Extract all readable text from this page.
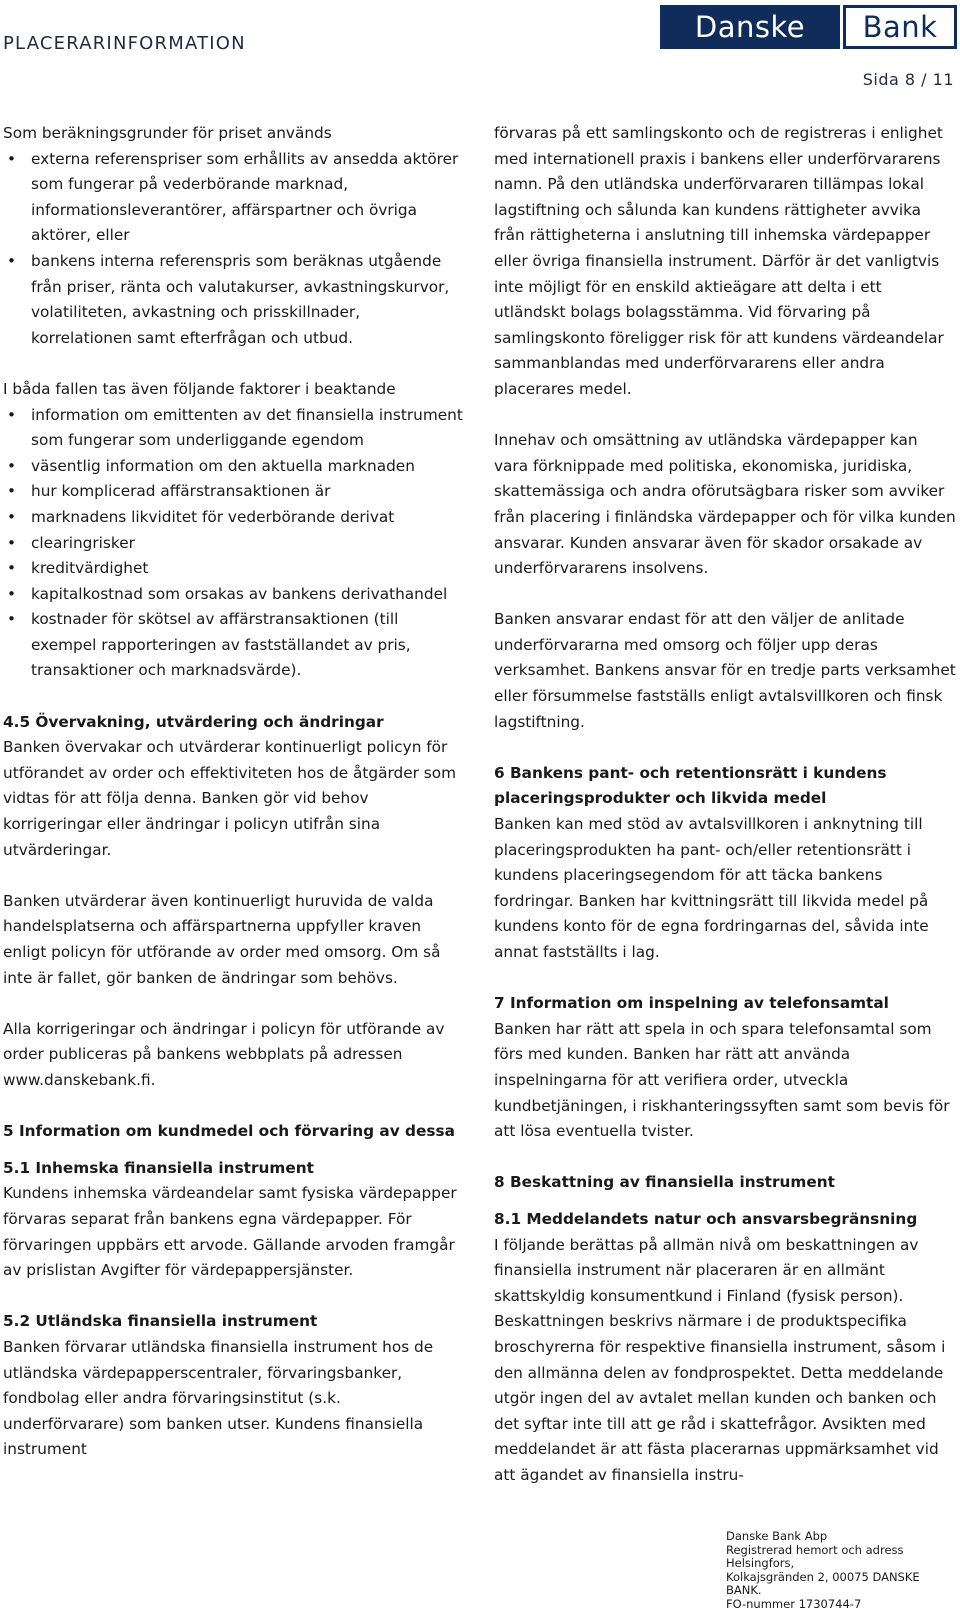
PLACERARINFORMATION	Danske	Bank
Sida 8 / 11

Som beräkningsgrunder för priset används

• externa referenspriser som erhållits av ansedda aktörer som fungerar på vederbörande marknad, informationsleverantörer, affärspartner och övriga aktörer, eller
• bankens interna referenspris som beräknas utgående från priser, ränta och valutakurser, avkastningskurvor, volatiliteten, avkastning och prisskillnader, korrelationen samt efterfrågan och utbud.

I båda fallen tas även följande faktorer i beaktande

• information om emittenten av det finansiella instrument som fungerar som underliggande egendom
• väsentlig information om den aktuella marknaden
• hur komplicerad affärstransaktionen är
• marknadens likviditet för vederbörande derivat
• clearingrisker
• kreditvärdighet
• kapitalkostnad som orsakas av bankens derivathandel
• kostnader för skötsel av affärstransaktionen (till exempel rapporteringen av fastställandet av pris, transaktioner och marknadsvärde).
4.5 Övervakning, utvärdering och ändringar

Banken övervakar och utvärderar kontinuerligt policyn för utförandet av order och effektiviteten hos de åtgärder som vidtas för att följa denna. Banken gör vid behov korrigeringar eller ändringar i policyn utifrån sina utvärderingar.

Banken utvärderar även kontinuerligt huruvida de valda handelsplatserna och affärspartnerna uppfyller kraven enligt policyn för utförande av order med omsorg. Om så inte är fallet, gör banken de ändringar som behövs.

Alla korrigeringar och ändringar i policyn för utförande av order publiceras på bankens webbplats på adressen www.danskebank.fi.

5 Information om kundmedel och förvaring av dessa
5.1 Inhemska finansiella instrument

Kundens inhemska värdeandelar samt fysiska värdepapper förvaras separat från bankens egna värdepapper. För förvaringen uppbärs ett arvode. Gällande arvoden framgår av prislistan Avgifter för värdepappersjänster.

5.2 Utländska finansiella instrument

Banken förvarar utländska finansiella instrument hos de utländska värdepapperscentraler, förvaringsbanker, fondbolag eller andra förvaringsinstitut (s.k. underförvarare) som banken utser. Kundens finansiella instrument

förvaras på ett samlingskonto och de registreras i enlighet med internationell praxis i bankens eller underförvararens namn. På den utländska underförvararen tillämpas lokal lagstiftning och sålunda kan kundens rättigheter avvika från rättigheterna i anslutning till inhemska värdepapper eller övriga finansiella instrument. Därför är det vanligtvis inte möjligt för en enskild aktieägare att delta i ett utländskt bolags bolagsstämma. Vid förvaring på samlingskonto föreligger risk för att kundens värdeandelar sammanblandas med underförvararens eller andra placerares medel.

Innehav och omsättning av utländska värdepapper kan vara förknippade med politiska, ekonomiska, juridiska, skattemässiga och andra oförutsägbara risker som avviker från placering i finländska värdepapper och för vilka kunden ansvarar. Kunden ansvarar även för skador orsakade av underförvararens insolvens.

Banken ansvarar endast för att den väljer de anlitade underförvararna med omsorg och följer upp deras verksamhet. Bankens ansvar för en tredje parts verksamhet eller försummelse fastställs enligt avtalsvillkoren och finsk lagstiftning.

6 Bankens pant- och retentionsrätt i kundens placeringsprodukter och likvida medel

Banken kan med stöd av avtalsvillkoren i anknytning till placeringsprodukten ha pant- och/eller retentionsrätt i kundens placeringsegendom för att täcka bankens fordringar. Banken har kvittningsrätt till likvida medel på kundens konto för de egna fordringarnas del, såvida inte annat fastställts i lag.

7 Information om inspelning av telefonsamtal

Banken har rätt att spela in och spara telefonsamtal som förs med kunden. Banken har rätt att använda inspelningarna för att verifiera order, utveckla kundbetjäningen, i riskhanteringssyften samt som bevis för att lösa eventuella tvister.

8 Beskattning av finansiella instrument
8.1 Meddelandets natur och ansvarsbegränsning

I följande berättas på allmän nivå om beskattningen av finansiella instrument när placeraren är en allmänt skattskyldig konsumentkund i Finland (fysisk person). Beskattningen beskrivs närmare i de produktspecifika broschyrerna för respektive finansiella instrument, såsom i den allmänna delen av fondprospektet. Detta meddelande utgör ingen del av avtalet mellan kunden och banken och det syftar inte till att ge råd i skattefrågor. Avsikten med meddelandet är att fästa placerarnas uppmärksamhet vid att ägandet av finansiella instru-

Danske Bank Abp
Registrerad hemort och adress Helsingfors,
Kolkajsgränden 2, 00075 DANSKE BANK.
FO-nummer 1730744-7
